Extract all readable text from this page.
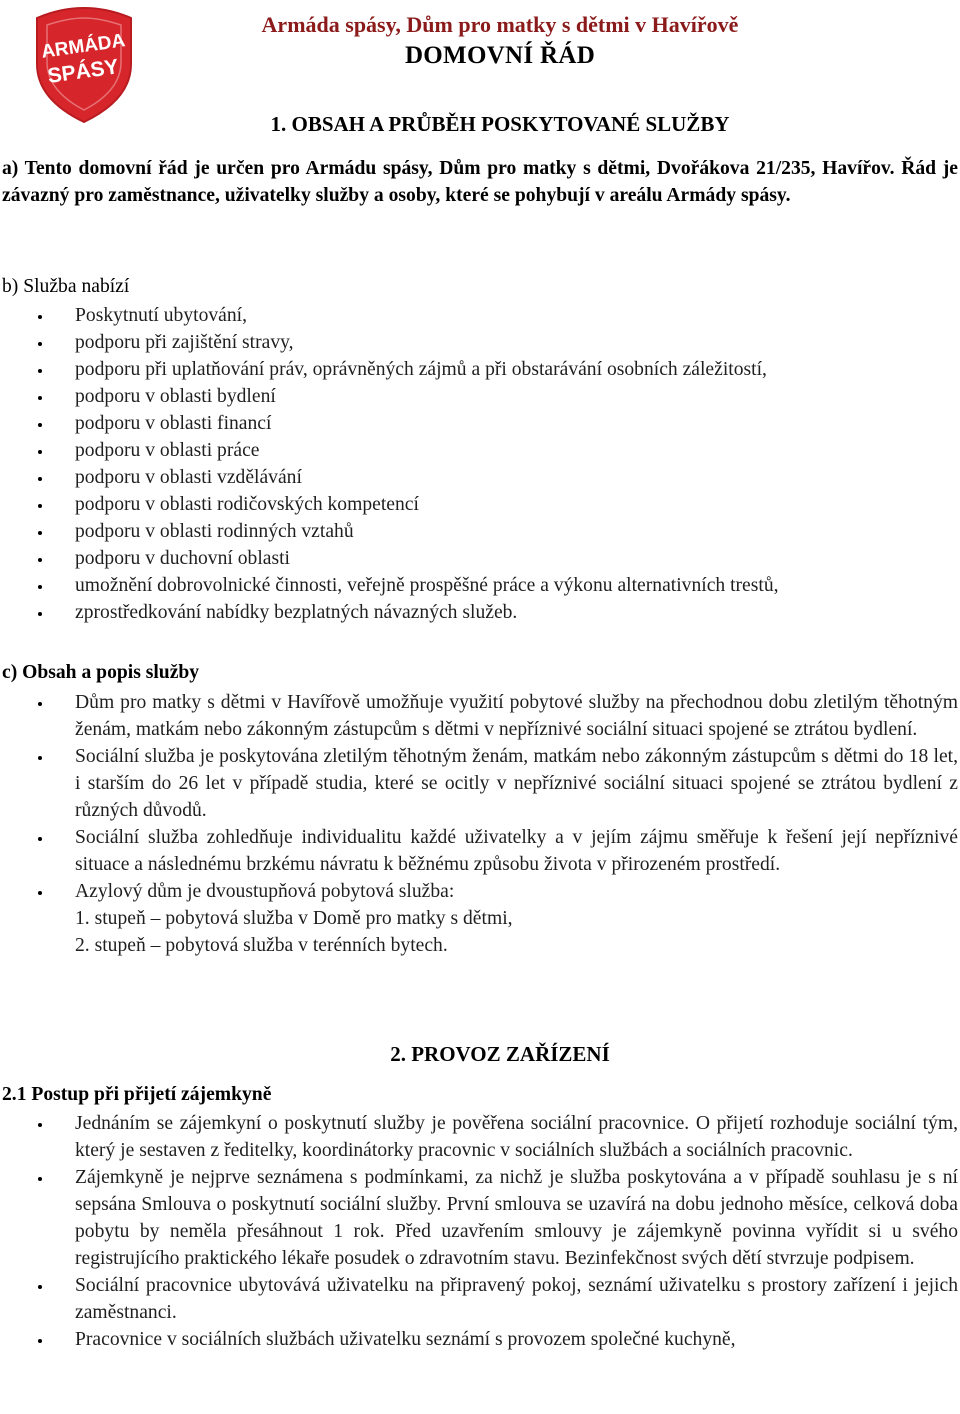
ARMÁDA
SPÁSY
Armáda spásy, Dům pro matky s dětmi v Havířově
DOMOVNÍ ŘÁD
1. OBSAH A PRŮBĚH POSKYTOVANÉ SLUŽBY
a) Tento domovní řád je určen pro Armádu spásy, Dům pro matky s dětmi, Dvořákova 21/235, Havířov. Řád je závazný pro zaměstnance, uživatelky služby a osoby, které se pohybují v areálu Armády spásy.
b) Služba nabízí
Poskytnutí ubytování,
podporu při zajištění stravy,
podporu při uplatňování práv, oprávněných zájmů a při obstarávání osobních záležitostí,
podporu v oblasti bydlení
podporu v oblasti financí
podporu v oblasti práce
podporu v oblasti vzdělávání
podporu v oblasti rodičovských kompetencí
podporu v oblasti rodinných vztahů
podporu v duchovní oblasti
umožnění dobrovolnické činnosti, veřejně prospěšné práce a výkonu alternativních trestů,
zprostředkování nabídky bezplatných návazných služeb.
c) Obsah a popis služby
Dům pro matky s dětmi v Havířově umožňuje využití pobytové služby na přechodnou dobu zletilým těhotným ženám, matkám nebo zákonným zástupcům s dětmi v nepříznivé sociální situaci spojené se ztrátou bydlení.
Sociální služba je poskytována zletilým těhotným ženám, matkám nebo zákonným zástupcům s dětmi do 18 let, i starším do 26 let v případě studia, které se ocitly v nepříznivé sociální situaci spojené se ztrátou bydlení z různých důvodů.
Sociální služba zohledňuje individualitu každé uživatelky a v jejím zájmu směřuje k řešení její nepříznivé situace a následnému brzkému návratu k běžnému způsobu života v přirozeném prostředí.
Azylový dům je dvoustupňová pobytová služba:
1. stupeň – pobytová služba v Domě pro matky s dětmi,
2. stupeň – pobytová služba v terénních bytech.
2. PROVOZ ZAŘÍZENÍ
2.1 Postup při přijetí zájemkyně
Jednáním se zájemkyní o poskytnutí služby je pověřena sociální pracovnice. O přijetí rozhoduje sociální tým, který je sestaven z ředitelky, koordinátorky pracovnic v sociálních službách a sociálních pracovnic.
Zájemkyně je nejprve seznámena s podmínkami, za nichž je služba poskytována a v případě souhlasu je s ní sepsána Smlouva o poskytnutí sociální služby. První smlouva se uzavírá na dobu jednoho měsíce, celková doba pobytu by neměla přesáhnout 1 rok. Před uzavřením smlouvy je zájemkyně povinna vyřídit si u svého registrujícího praktického lékaře posudek o zdravotním stavu. Bezinfekčnost svých dětí stvrzuje podpisem.
Sociální pracovnice ubytovává uživatelku na připravený pokoj, seznámí uživatelku s prostory zařízení i jejich zaměstnanci.
Pracovnice v sociálních službách uživatelku seznámí s provozem společné kuchyně,
